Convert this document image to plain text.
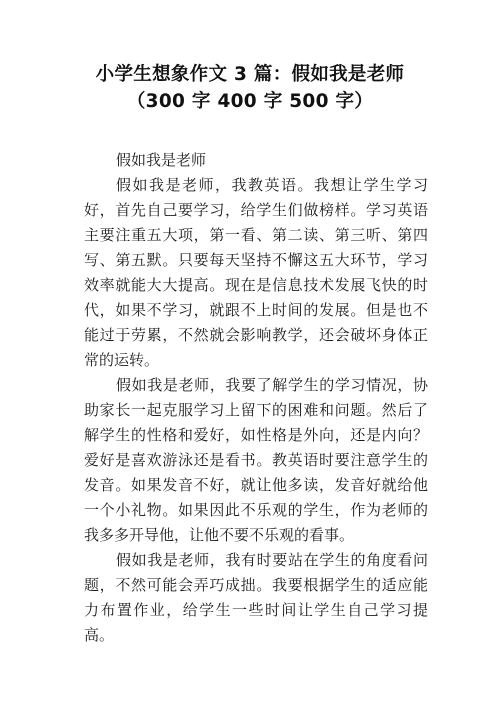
小学生想象作文 3 篇：假如我是老师
（300 字 400 字 500 字）

假如我是老师

假如我是老师，我教英语。我想让学生学习好，首先自己要学习，给学生们做榜样。学习英语主要注重五大项，第一看、第二读、第三听、第四写、第五默。只要每天坚持不懈这五大环节，学习效率就能大大提高。现在是信息技术发展飞快的时代，如果不学习，就跟不上时间的发展。但是也不能过于劳累，不然就会影响教学，还会破坏身体正常的运转。

假如我是老师，我要了解学生的学习情况，协助家长一起克服学习上留下的困难和问题。然后了解学生的性格和爱好，如性格是外向，还是内向？爱好是喜欢游泳还是看书。教英语时要注意学生的发音。如果发音不好，就让他多读，发音好就给他一个小礼物。如果因此不乐观的学生，作为老师的我多多开导他，让他不要不乐观的看事。

假如我是老师，我有时要站在学生的角度看问题，不然可能会弄巧成拙。我要根据学生的适应能力布置作业，给学生一些时间让学生自己学习提高。
